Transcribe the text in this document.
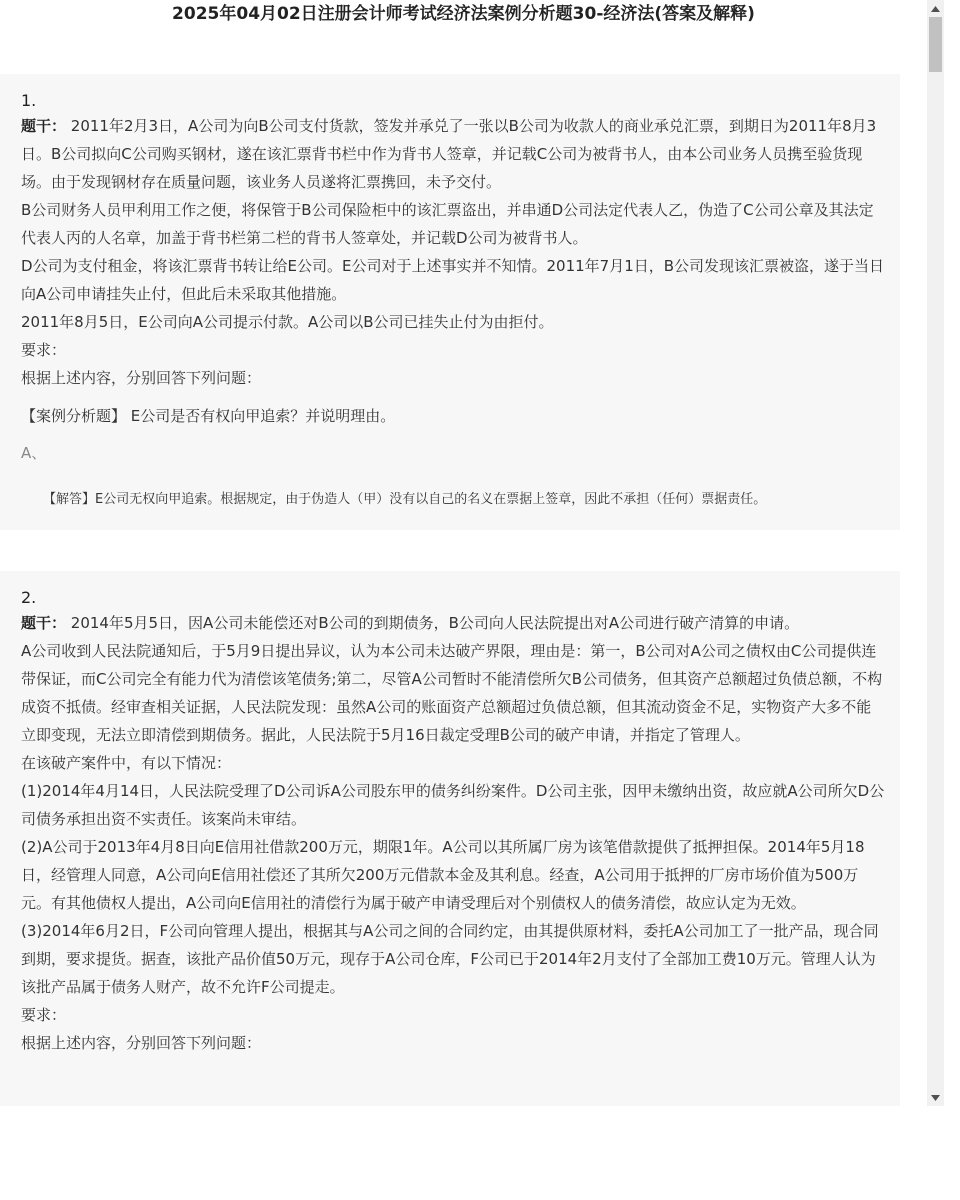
2025年04月02日注册会计师考试经济法案例分析题30-经济法(答案及解释)
1.

题干： 2011年2月3日，A公司为向B公司支付货款，签发并承兑了一张以B公司为收款人的商业承兑汇票，到期日为2011年8月3日。B公司拟向C公司购买钢材，遂在该汇票背书栏中作为背书人签章，并记载C公司为被背书人，由本公司业务人员携至验货现场。由于发现钢材存在质量问题，该业务人员遂将汇票携回，未予交付。

B公司财务人员甲利用工作之便，将保管于B公司保险柜中的该汇票盗出，并串通D公司法定代表人乙，伪造了C公司公章及其法定代表人丙的人名章，加盖于背书栏第二栏的背书人签章处，并记载D公司为被背书人。

D公司为支付租金，将该汇票背书转让给E公司。E公司对于上述事实并不知情。2011年7月1日，B公司发现该汇票被盗，遂于当日向A公司申请挂失止付，但此后未采取其他措施。

2011年8月5日，E公司向A公司提示付款。A公司以B公司已挂失止付为由拒付。

要求：

根据上述内容，分别回答下列问题：

【案例分析题】 E公司是否有权向甲追索？并说明理由。
A、
【解答】E公司无权向甲追索。根据规定，由于伪造人（甲）没有以自己的名义在票据上签章，因此不承担（任何）票据责任。
2.

题干： 2014年5月5日，因A公司未能偿还对B公司的到期债务，B公司向人民法院提出对A公司进行破产清算的申请。

A公司收到人民法院通知后，于5月9日提出异议，认为本公司未达破产界限，理由是：第一，B公司对A公司之债权由C公司提供连带保证，而C公司完全有能力代为清偿该笔债务;第二，尽管A公司暂时不能清偿所欠B公司债务，但其资产总额超过负债总额，不构成资不抵债。经审查相关证据，人民法院发现：虽然A公司的账面资产总额超过负债总额，但其流动资金不足，实物资产大多不能立即变现，无法立即清偿到期债务。据此，人民法院于5月16日裁定受理B公司的破产申请，并指定了管理人。

在该破产案件中，有以下情况：

(1)2014年4月14日，人民法院受理了D公司诉A公司股东甲的债务纠纷案件。D公司主张，因甲未缴纳出资，故应就A公司所欠D公司债务承担出资不实责任。该案尚未审结。

(2)A公司于2013年4月8日向E信用社借款200万元，期限1年。A公司以其所属厂房为该笔借款提供了抵押担保。2014年5月18日，经管理人同意，A公司向E信用社偿还了其所欠200万元借款本金及其利息。经查，A公司用于抵押的厂房市场价值为500万元。有其他债权人提出，A公司向E信用社的清偿行为属于破产申请受理后对个别债权人的债务清偿，故应认定为无效。

(3)2014年6月2日，F公司向管理人提出，根据其与A公司之间的合同约定，由其提供原材料，委托A公司加工了一批产品，现合同到期，要求提货。据查，该批产品价值50万元，现存于A公司仓库，F公司已于2014年2月支付了全部加工费10万元。管理人认为该批产品属于债务人财产，故不允许F公司提走。

要求：

根据上述内容，分别回答下列问题：
